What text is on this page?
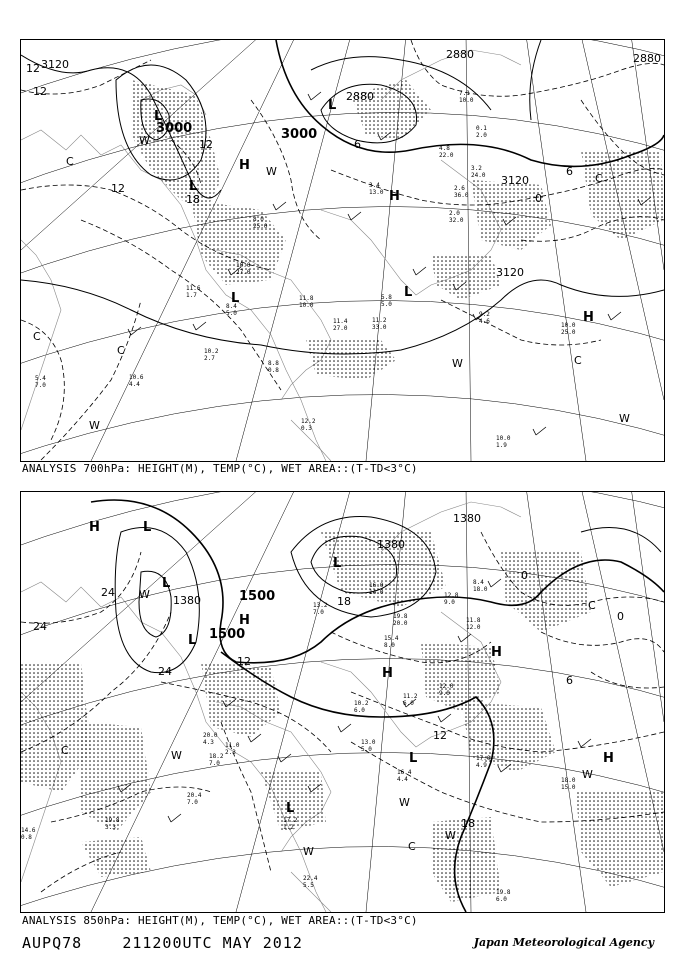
3120
2880
2880
2880
3000	3000
3120
3120
12
12
12
12
18	0
6
6
L
L
L
L	L
H
H
H
C
C
C
C
C
W
W
W
W
W
10.6
4.4
11.6
1.7
8.4
5.0
10.2
2.7
8.8
0.8
11.8
10.0
11.4
27.0
11.2
33.0
5.8
5.0
9.2
4.6
10.0
25.0
10.0
1.9
12.2
0.3
3.2
24.0
2.6
36.0
2.0
32.0
4.8
22.0
3.4
13.0
8.0
25.0
10.0
27.0
7.1
10.0
0.1
2.0
5.4
7.0
ANALYSIS 700hPa: HEIGHT(M), TEMP(°C), WET AREA::(T-TD<3°C)
1380
1380
1380	1500
1500
24
24
24
12
12
18
18
6
0
0
L
L
L
L
L
L
H
H
H
H
H
C
C
C
W
W
W
W
W
W
14.6
0.8
19.8
3.3
20.4
7.0
17.2
1.2
22.4
5.5
16.4
4.4
10.2
6.0
11.2
6.0
12.8
9.0
15.4
8.0
19.8
20.0
16.0
14.0
13.2
7.0
11.8
12.0
12.0
9.0
18.0
15.0
19.8
6.0
17.0
4.9
13.0
5.0
11.0
2.3
20.0
4.3
18.2
7.0
8.4
18.0
ANALYSIS 850hPa: HEIGHT(M), TEMP(°C), WET AREA::(T-TD<3°C)
AUPQ78	211200UTC MAY 2012	Japan Meteorological Agency
